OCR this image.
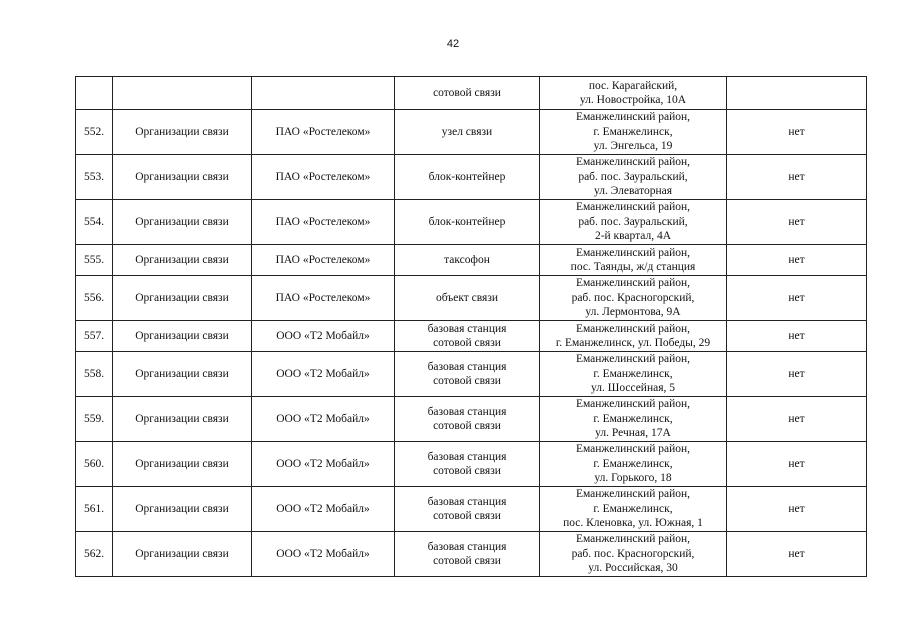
42

			сотовой связи	пос. Карагайский,
ул. Новостройка, 10А	

552.	Организации связи	ПАО «Ростелеком»	узел связи	Еманжелинский район,
г. Еманжелинск,
ул. Энгельса, 19	нет
553.	Организации связи	ПАО «Ростелеком»	блок-контейнер	Еманжелинский район,
раб. пос. Зауральский,
ул. Элеваторная	нет
554.	Организации связи	ПАО «Ростелеком»	блок-контейнер	Еманжелинский район,
раб. пос. Зауральский,
2-й квартал, 4А	нет
555.	Организации связи	ПАО «Ростелеком»	таксофон	Еманжелинский район,
пос. Таянды, ж/д станция	нет
556.	Организации связи	ПАО «Ростелеком»	объект связи	Еманжелинский район,
раб. пос. Красногорский,
ул. Лермонтова, 9А	нет
557.	Организации связи	ООО «Т2 Мобайл»	базовая станция
сотовой связи	Еманжелинский район,
г. Еманжелинск, ул. Победы, 29	нет
558.	Организации связи	ООО «Т2 Мобайл»	базовая станция
сотовой связи	Еманжелинский район,
г. Еманжелинск,
ул. Шоссейная, 5	нет
559.	Организации связи	ООО «Т2 Мобайл»	базовая станция
сотовой связи	Еманжелинский район,
г. Еманжелинск,
ул. Речная, 17А	нет
560.	Организации связи	ООО «Т2 Мобайл»	базовая станция
сотовой связи	Еманжелинский район,
г. Еманжелинск,
ул. Горького, 18	нет
561.	Организации связи	ООО «Т2 Мобайл»	базовая станция
сотовой связи	Еманжелинский район,
г. Еманжелинск,
пос. Кленовка, ул. Южная, 1	нет
562.	Организации связи	ООО «Т2 Мобайл»	базовая станция
сотовой связи	Еманжелинский район,
раб. пос. Красногорский,
ул. Российская, 30	нет
